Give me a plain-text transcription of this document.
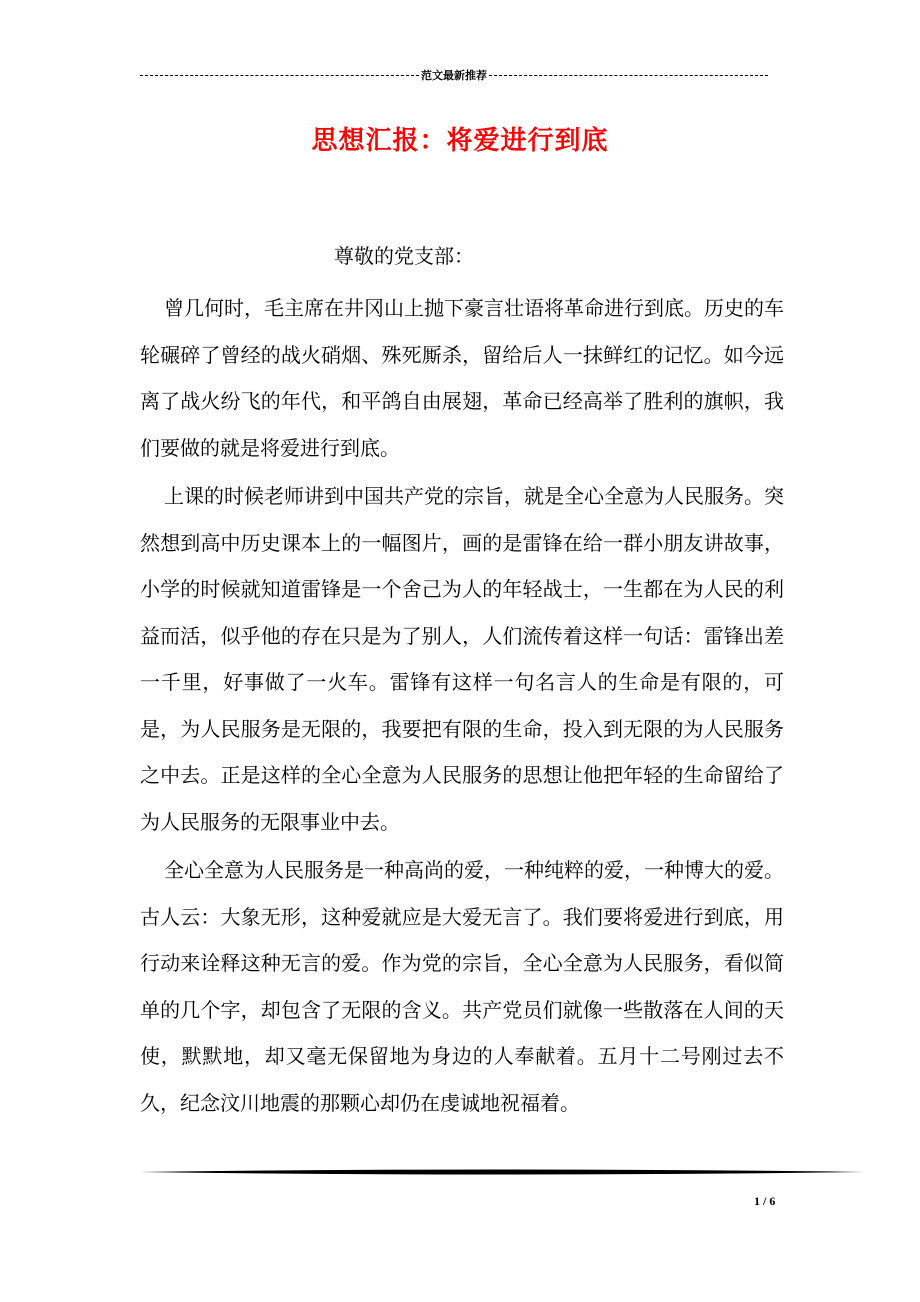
范文最新推荐
思想汇报：将爱进行到底
尊敬的党支部：

曾几何时，毛主席在井冈山上抛下豪言壮语将革命进行到底。历史的车轮碾碎了曾经的战火硝烟、殊死厮杀，留给后人一抹鲜红的记忆。如今远离了战火纷飞的年代，和平鸽自由展翅，革命已经高举了胜利的旗帜，我们要做的就是将爱进行到底。

上课的时候老师讲到中国共产党的宗旨，就是全心全意为人民服务。突然想到高中历史课本上的一幅图片，画的是雷锋在给一群小朋友讲故事，小学的时候就知道雷锋是一个舍己为人的年轻战士，一生都在为人民的利益而活，似乎他的存在只是为了别人，人们流传着这样一句话：雷锋出差一千里，好事做了一火车。雷锋有这样一句名言人的生命是有限的，可是，为人民服务是无限的，我要把有限的生命，投入到无限的为人民服务之中去。正是这样的全心全意为人民服务的思想让他把年轻的生命留给了为人民服务的无限事业中去。

全心全意为人民服务是一种高尚的爱，一种纯粹的爱，一种博大的爱。古人云：大象无形，这种爱就应是大爱无言了。我们要将爱进行到底，用行动来诠释这种无言的爱。作为党的宗旨，全心全意为人民服务，看似简单的几个字，却包含了无限的含义。共产党员们就像一些散落在人间的天使，默默地，却又毫无保留地为身边的人奉献着。五月十二号刚过去不久，纪念汶川地震的那颗心却仍在虔诚地祝福着。

1 / 6
